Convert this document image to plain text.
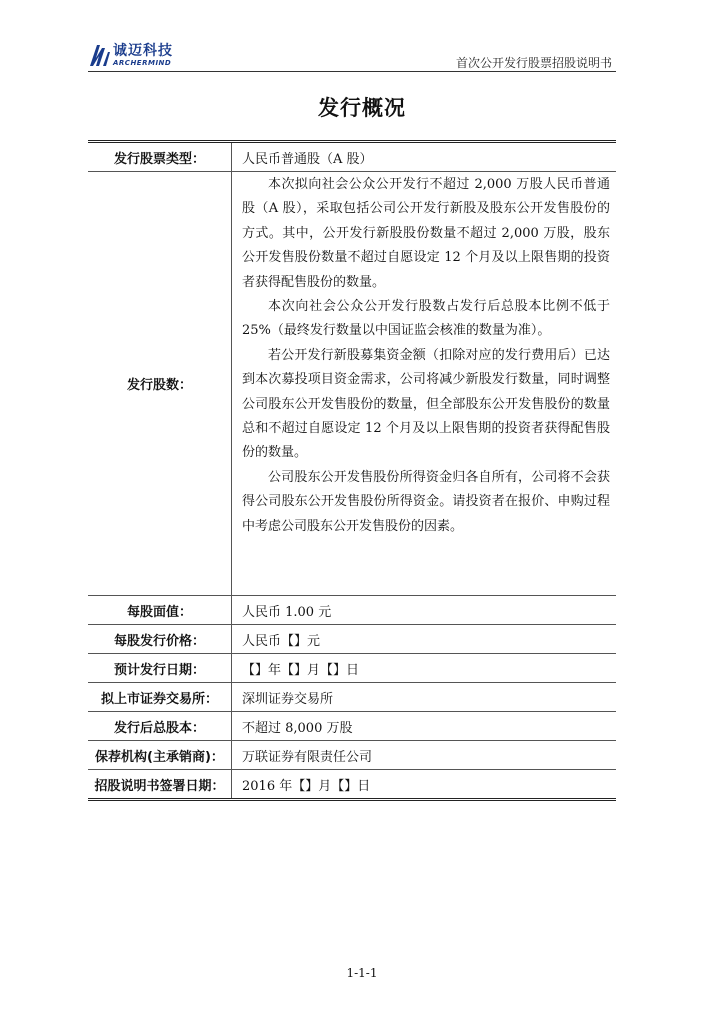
诚迈科技
ARCHERMIND	首次公开发行股票招股说明书
发行概况
发行股票类型：	人民币普通股（A 股）
发行股数：

本次拟向社会公众公开发行不超过 2,000 万股人民币普通股（A 股），采取包括公司公开发行新股及股东公开发售股份的方式。其中，公开发行新股股份数量不超过 2,000 万股，股东公开发售股份数量不超过自愿设定 12 个月及以上限售期的投资者获得配售股份的数量。

本次向社会公众公开发行股数占发行后总股本比例不低于 25%（最终发行数量以中国证监会核准的数量为准）。

若公开发行新股募集资金额（扣除对应的发行费用后）已达到本次募投项目资金需求，公司将减少新股发行数量，同时调整公司股东公开发售股份的数量，但全部股东公开发售股份的数量总和不超过自愿设定 12 个月及以上限售期的投资者获得配售股份的数量。

公司股东公开发售股份所得资金归各自所有，公司将不会获得公司股东公开发售股份所得资金。请投资者在报价、申购过程中考虑公司股东公开发售股份的因素。

每股面值：	人民币 1.00 元
每股发行价格：	人民币【】元
预计发行日期：	【】年【】月【】日
拟上市证券交易所：	深圳证券交易所
发行后总股本：	不超过 8,000 万股
保荐机构(主承销商)：	万联证券有限责任公司
招股说明书签署日期：	2016 年【】月【】日
1-1-1
